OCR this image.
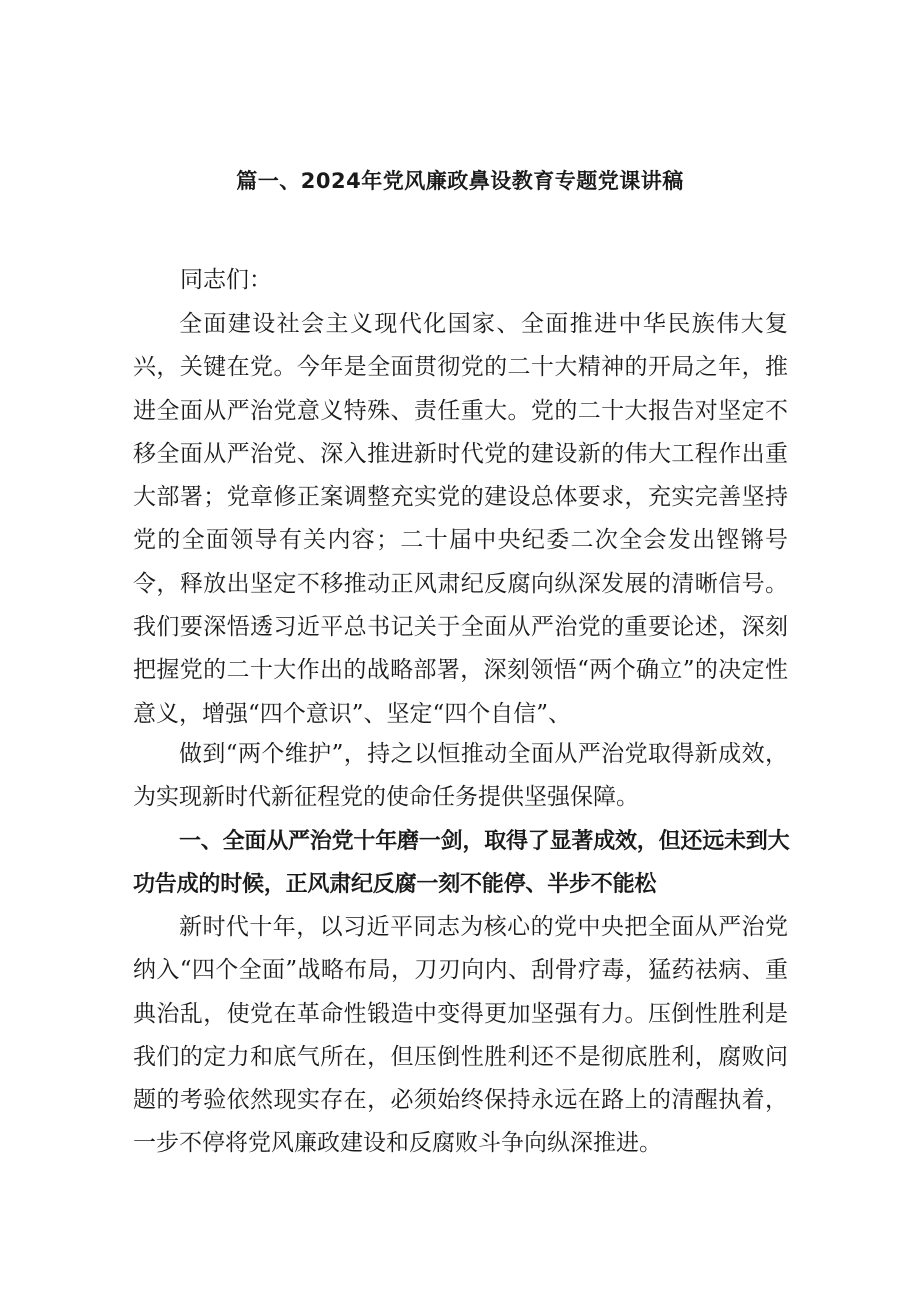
篇一、2024年党风廉政鼻设教育专题党课讲稿

同志们：

全面建设社会主义现代化国家、全面推进中华民族伟大复兴，关键在党。今年是全面贯彻党的二十大精神的开局之年，推进全面从严治党意义特殊、责任重大。党的二十大报告对坚定不移全面从严治党、深入推进新时代党的建设新的伟大工程作出重大部署；党章修正案调整充实党的建设总体要求，充实完善坚持党的全面领导有关内容；二十届中央纪委二次全会发出铿锵号令，释放出坚定不移推动正风肃纪反腐向纵深发展的清晰信号。我们要深悟透习近平总书记关于全面从严治党的重要论述，深刻把握党的二十大作出的战略部署，深刻领悟“两个确立”的决定性意义，增强“四个意识”、坚定“四个自信”、

做到“两个维护”，持之以恒推动全面从严治党取得新成效，为实现新时代新征程党的使命任务提供坚强保障。

一、全面从严治党十年磨一剑，取得了显著成效，但还远未到大功告成的时候，正风肃纪反腐一刻不能停、半步不能松

新时代十年，以习近平同志为核心的党中央把全面从严治党纳入“四个全面”战略布局，刀刃向内、刮骨疗毒，猛药祛病、重典治乱，使党在革命性锻造中变得更加坚强有力。压倒性胜利是我们的定力和底气所在，但压倒性胜利还不是彻底胜利，腐败问题的考验依然现实存在，必须始终保持永远在路上的清醒执着，一步不停将党风廉政建设和反腐败斗争向纵深推进。
